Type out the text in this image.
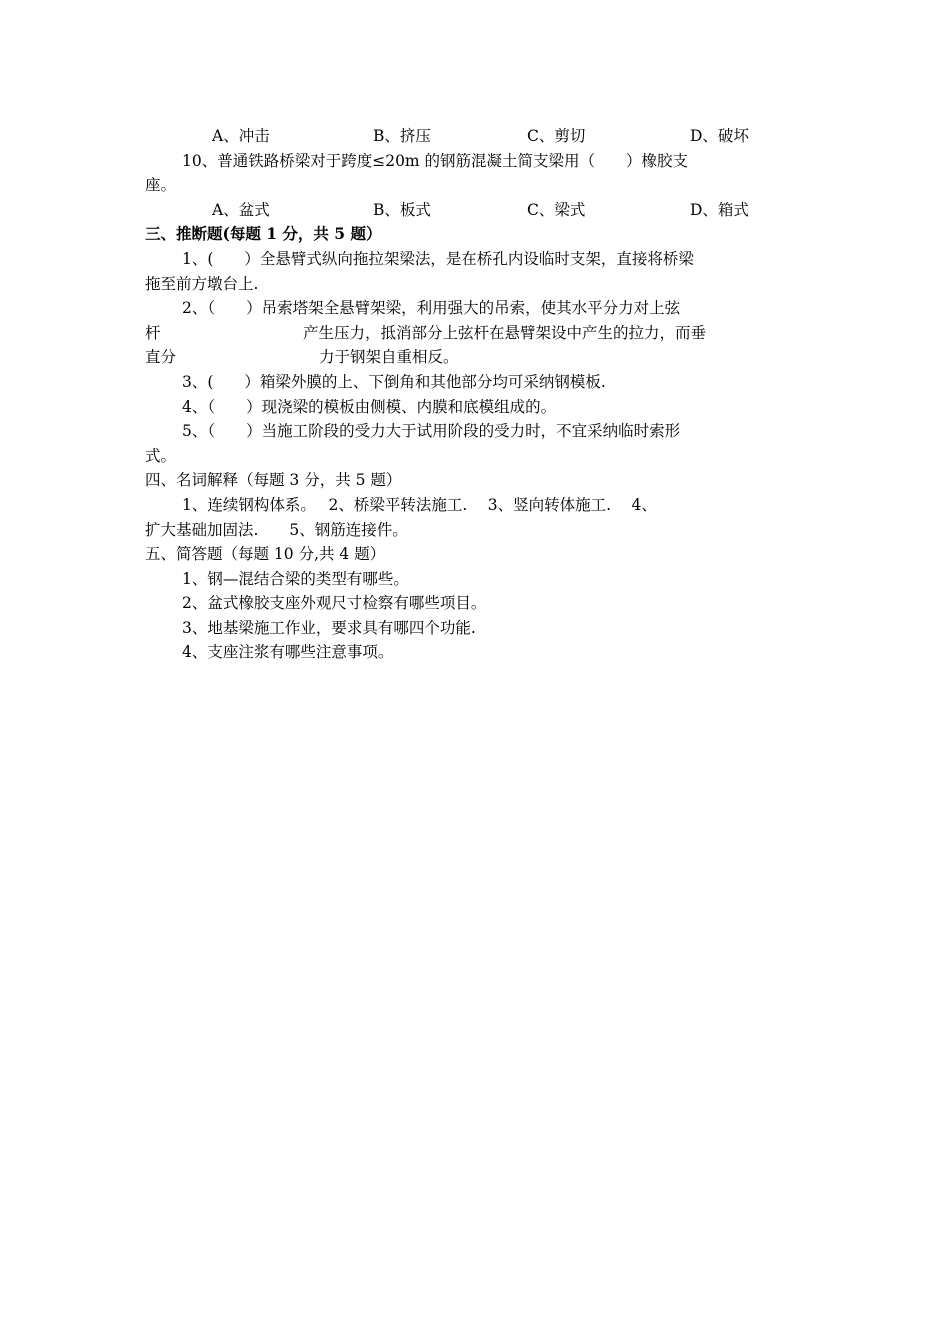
A、冲击	B、挤压	C、剪切	D、破坏
10、普通铁路桥梁对于跨度≤20m 的钢筋混凝土简支梁用（　　）橡胶支
座。
A、盆式	B、板式	C、梁式	D、箱式
三、推断题(每题 1 分，共 5 题）
1、(　　）全悬臂式纵向拖拉架梁法，是在桥孔内设临时支架，直接将桥梁
拖至前方墩台上.
2、（　　）吊索塔架全悬臂架梁，利用强大的吊索，使其水平分力对上弦
杆	产生压力，抵消部分上弦杆在悬臂架设中产生的拉力，而垂
直分	力于钢架自重相反。
3、(　　）箱梁外膜的上、下倒角和其他部分均可采纳钢模板.
4、（　　）现浇梁的模板由侧模、内膜和底模组成的。
5、（　　）当施工阶段的受力大于试用阶段的受力时，不宜采纳临时索形
式。
四、名词解释（每题 3 分，共 5 题）
1、连续钢构体系。　 2、桥梁平转法施工.　 3、竖向转体施工.　 4、
扩大基础加固法.　　5、钢筋连接件。
五、简答题（每题 10 分,共 4 题）
1、钢—混结合梁的类型有哪些。
2、盆式橡胶支座外观尺寸检察有哪些项目。
3、地基梁施工作业，要求具有哪四个功能.
4、支座注浆有哪些注意事项。
